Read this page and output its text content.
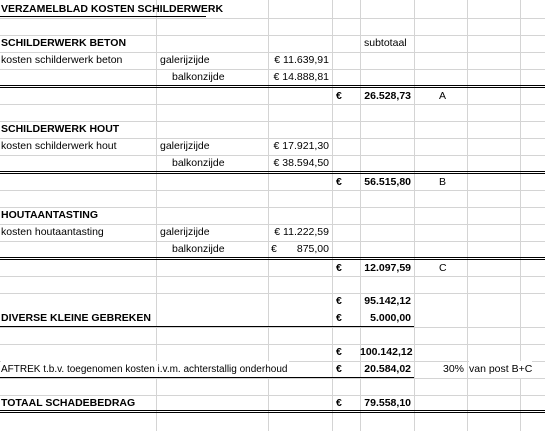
VERZAMELBLAD KOSTEN SCHILDERWERK
SCHILDERWERK BETON	subtotaal
kosten schilderwerk beton	galerijzijde	€ 11.639,91
balkonzijde	€ 14.888,81
€	26.528,73	A
SCHILDERWERK HOUT
kosten schilderwerk hout	galerijzijde	€ 17.921,30
balkonzijde	€ 38.594,50
€	56.515,80	B
HOUTAANTASTING
kosten houtaantasting	galerijzijde	€ 11.222,59
balkonzijde	€	875,00
€	12.097,59	C
€	95.142,12
DIVERSE KLEINE GEBREKEN	€	5.000,00
€ 100.142,12
AFTREK t.b.v. toegenomen kosten i.v.m. achterstallig onderhoud	€	20.584,02	30% van post B+C
TOTAAL SCHADEBEDRAG	€	79.558,10
